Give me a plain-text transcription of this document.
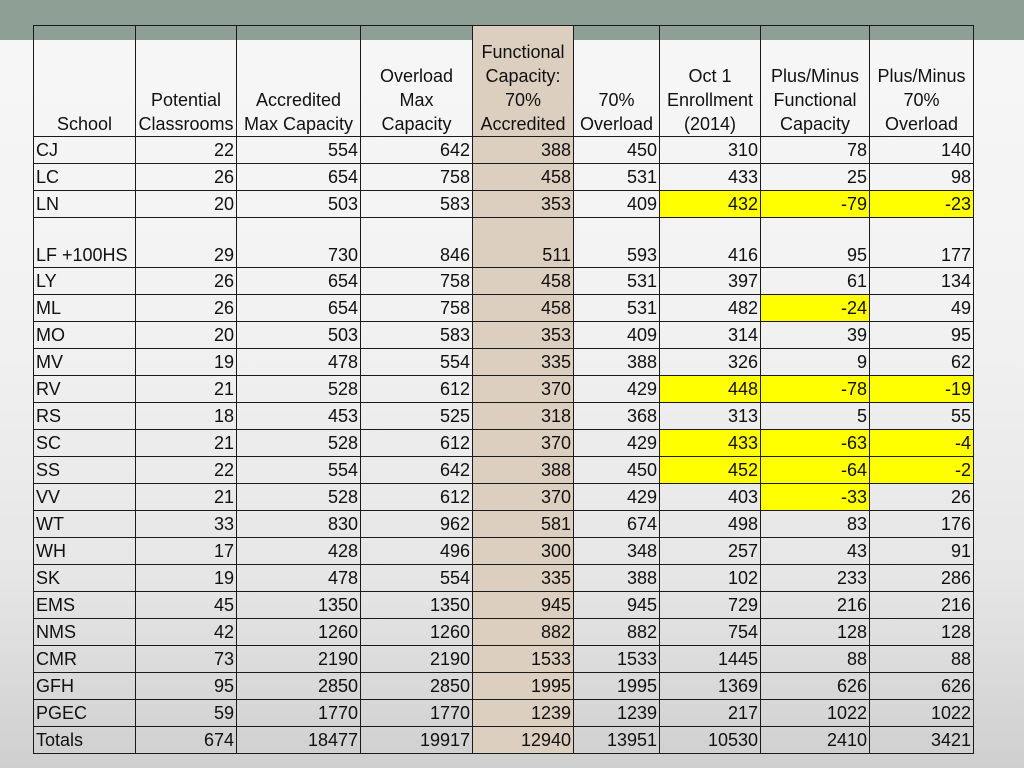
School	Potential Classrooms	Accredited Max Capacity	Overload Max Capacity	Functional Capacity: 70% Accredited	70% Overload	Oct 1 Enrollment (2014)	Plus/Minus Functional Capacity	Plus/Minus 70% Overload
CJ	22	554	642	388	450	310	78	140
LC	26	654	758	458	531	433	25	98
LN	20	503	583	353	409	432	-79	-23
LF +100HS	29	730	846	511	593	416	95	177
LY	26	654	758	458	531	397	61	134
ML	26	654	758	458	531	482	-24	49
MO	20	503	583	353	409	314	39	95
MV	19	478	554	335	388	326	9	62
RV	21	528	612	370	429	448	-78	-19
RS	18	453	525	318	368	313	5	55
SC	21	528	612	370	429	433	-63	-4
SS	22	554	642	388	450	452	-64	-2
VV	21	528	612	370	429	403	-33	26
WT	33	830	962	581	674	498	83	176
WH	17	428	496	300	348	257	43	91
SK	19	478	554	335	388	102	233	286
EMS	45	1350	1350	945	945	729	216	216
NMS	42	1260	1260	882	882	754	128	128
CMR	73	2190	2190	1533	1533	1445	88	88
GFH	95	2850	2850	1995	1995	1369	626	626
PGEC	59	1770	1770	1239	1239	217	1022	1022
Totals	674	18477	19917	12940	13951	10530	2410	3421
